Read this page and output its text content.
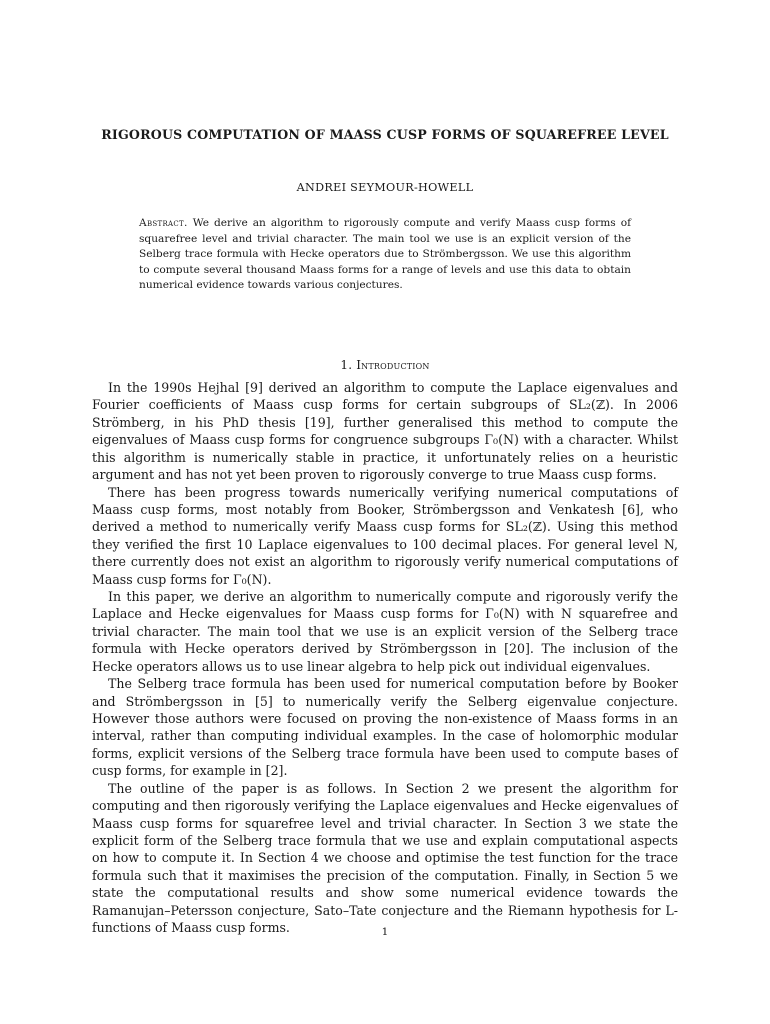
RIGOROUS COMPUTATION OF MAASS CUSP FORMS OF SQUAREFREE LEVEL
ANDREI SEYMOUR-HOWELL
Abstract. We derive an algorithm to rigorously compute and verify Maass cusp forms of squarefree level and trivial character. The main tool we use is an explicit version of the Selberg trace formula with Hecke operators due to Strömbergsson. We use this algorithm to compute several thousand Maass forms for a range of levels and use this data to obtain numerical evidence towards various conjectures.
1. Introduction

In the 1990s Hejhal [9] derived an algorithm to compute the Laplace eigenvalues and Fourier coefficients of Maass cusp forms for certain subgroups of SL₂(ℤ). In 2006 Strömberg, in his PhD thesis [19], further generalised this method to compute the eigenvalues of Maass cusp forms for congruence subgroups Γ₀(N) with a character. Whilst this algorithm is numerically stable in practice, it unfortunately relies on a heuristic argument and has not yet been proven to rigorously converge to true Maass cusp forms.

There has been progress towards numerically verifying numerical computations of Maass cusp forms, most notably from Booker, Strömbergsson and Venkatesh [6], who derived a method to numerically verify Maass cusp forms for SL₂(ℤ). Using this method they verified the first 10 Laplace eigenvalues to 100 decimal places. For general level N, there currently does not exist an algorithm to rigorously verify numerical computations of Maass cusp forms for Γ₀(N).

In this paper, we derive an algorithm to numerically compute and rigorously verify the Laplace and Hecke eigenvalues for Maass cusp forms for Γ₀(N) with N squarefree and trivial character. The main tool that we use is an explicit version of the Selberg trace formula with Hecke operators derived by Strömbergsson in [20]. The inclusion of the Hecke operators allows us to use linear algebra to help pick out individual eigenvalues.

The Selberg trace formula has been used for numerical computation before by Booker and Strömbergsson in [5] to numerically verify the Selberg eigenvalue conjecture. However those authors were focused on proving the non-existence of Maass forms in an interval, rather than computing individual examples. In the case of holomorphic modular forms, explicit versions of the Selberg trace formula have been used to compute bases of cusp forms, for example in [2].

The outline of the paper is as follows. In Section 2 we present the algorithm for computing and then rigorously verifying the Laplace eigenvalues and Hecke eigenvalues of Maass cusp forms for squarefree level and trivial character. In Section 3 we state the explicit form of the Selberg trace formula that we use and explain computational aspects on how to compute it. In Section 4 we choose and optimise the test function for the trace formula such that it maximises the precision of the computation. Finally, in Section 5 we state the computational results and show some numerical evidence towards the Ramanujan–Petersson conjecture, Sato–Tate conjecture and the Riemann hypothesis for L-functions of Maass cusp forms.	1
